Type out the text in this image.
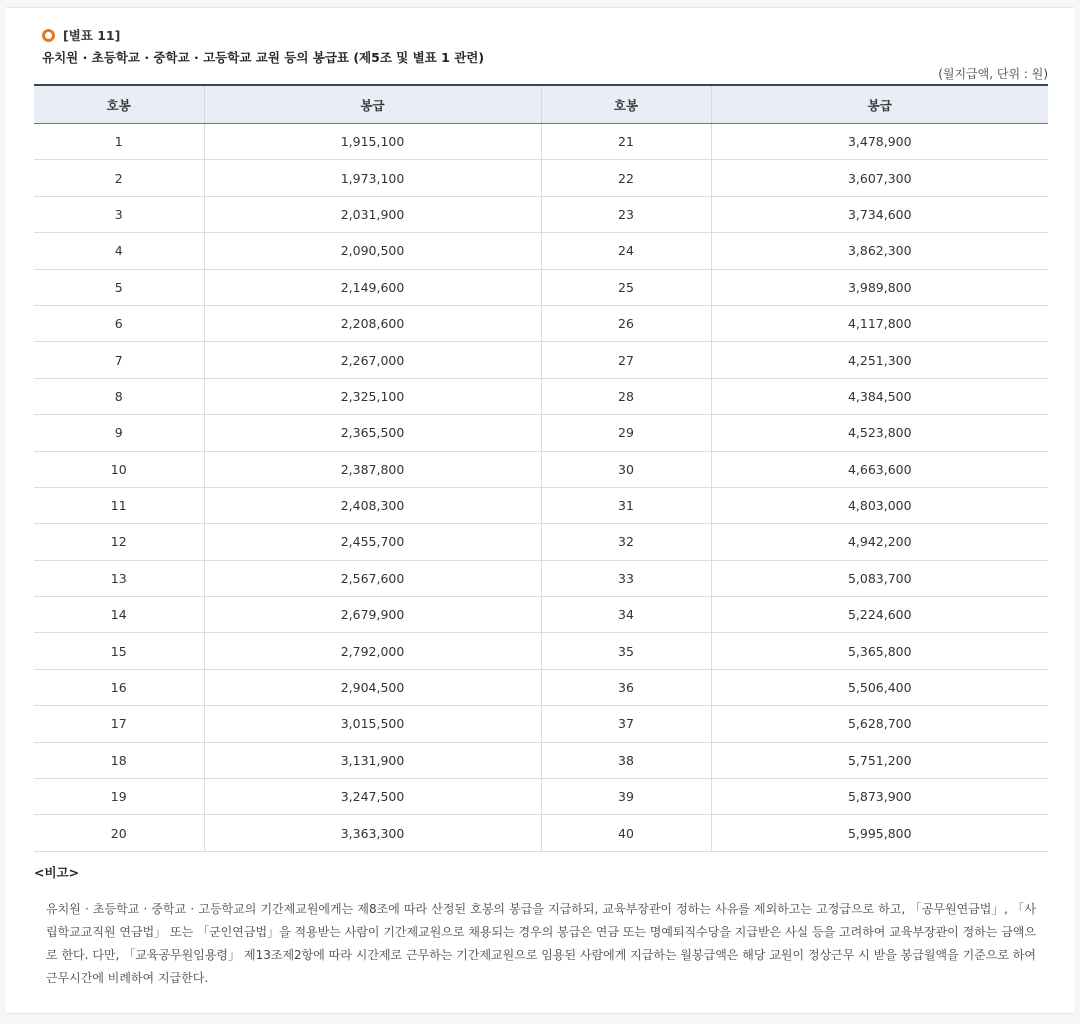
[별표 11]
유치원 · 초등학교 · 중학교 · 고등학교 교원 등의 봉급표 (제5조 및 별표 1 관련)
(월지급액, 단위 : 원)
호봉	봉급	호봉	봉급
1	1,915,100	21	3,478,900
2	1,973,100	22	3,607,300
3	2,031,900	23	3,734,600
4	2,090,500	24	3,862,300
5	2,149,600	25	3,989,800
6	2,208,600	26	4,117,800
7	2,267,000	27	4,251,300
8	2,325,100	28	4,384,500
9	2,365,500	29	4,523,800
10	2,387,800	30	4,663,600
11	2,408,300	31	4,803,000
12	2,455,700	32	4,942,200
13	2,567,600	33	5,083,700
14	2,679,900	34	5,224,600
15	2,792,000	35	5,365,800
16	2,904,500	36	5,506,400
17	3,015,500	37	5,628,700
18	3,131,900	38	5,751,200
19	3,247,500	39	5,873,900
20	3,363,300	40	5,995,800
<비고>
유치원 · 초등학교 · 중학교 · 고등학교의 기간제교원에게는 제8조에 따라 산정된 호봉의 봉급을 지급하되, 교육부장관이 정하는 사유를 제외하고는 고정급으로 하고, 「공무원연금법」, 「사립학교교직원 연금법」 또는 「군인연금법」을 적용받는 사람이 기간제교원으로 채용되는 경우의 봉급은 연금 또는 명예퇴직수당을 지급받은 사실 등을 고려하여 교육부장관이 정하는 금액으로 한다. 다만, 「교육공무원임용령」 제13조제2항에 따라 시간제로 근무하는 기간제교원으로 임용된 사람에게 지급하는 월봉급액은 해당 교원이 정상근무 시 받을 봉급월액을 기준으로 하여 근무시간에 비례하여 지급한다.
